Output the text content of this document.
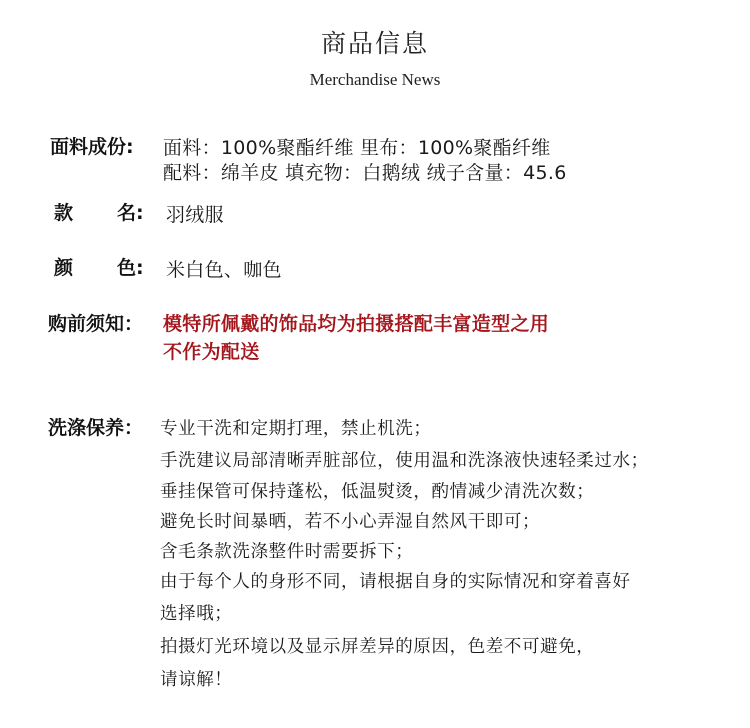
商品信息
Merchandise News
面料成份: 面料：100%聚酯纤维 里布：100%聚酯纤维
配料：绵羊皮 填充物：白鹅绒 绒子含量：45.6
款 名: 羽绒服
颜 色: 米白色、咖色
购前须知： 模特所佩戴的饰品均为拍摄搭配丰富造型之用
不作为配送
洗涤保养： 专业干洗和定期打理，禁止机洗；
手洗建议局部清晰弄脏部位，使用温和洗涤液快速轻柔过水；
垂挂保管可保持蓬松，低温熨烫，酌情减少清洗次数；
避免长时间暴晒，若不小心弄湿自然风干即可；
含毛条款洗涤整件时需要拆下；
由于每个人的身形不同，请根据自身的实际情况和穿着喜好
选择哦；
拍摄灯光环境以及显示屏差异的原因，色差不可避免，
请谅解！
